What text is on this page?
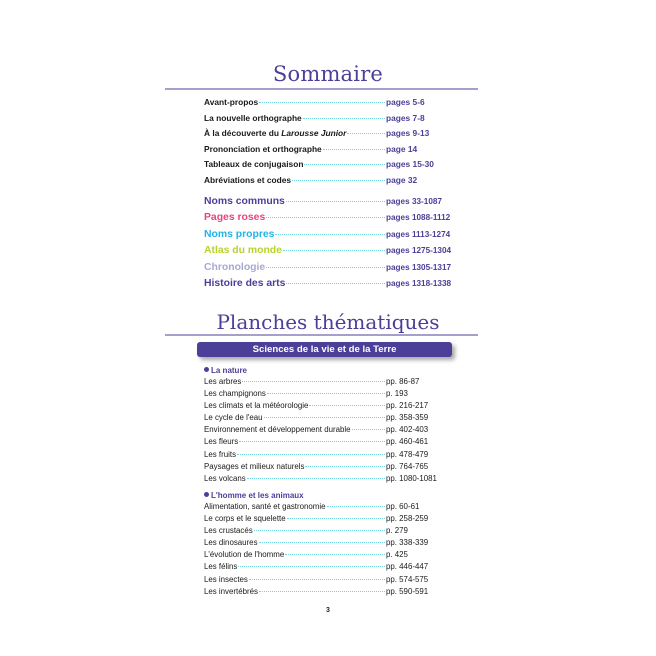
Sommaire
Avant-propos	pages 5-6
La nouvelle orthographe	pages 7-8
À la découverte du Larousse Junior	pages 9-13
Prononciation et orthographe	page 14
Tableaux de conjugaison	pages 15-30
Abréviations et codes	page 32
Noms communs	pages 33-1087
Pages roses	pages 1088-1112
Noms propres	pages 1113-1274
Atlas du monde	pages 1275-1304
Chronologie	pages 1305-1317
Histoire des arts	pages 1318-1338
Planches thématiques
Sciences de la vie et de la Terre
La nature
Les arbres	pp. 86-87
Les champignons	p. 193
Les climats et la météorologie	pp. 216-217
Le cycle de l'eau	pp. 358-359
Environnement et développement durable	pp. 402-403
Les fleurs	pp. 460-461
Les fruits	pp. 478-479
Paysages et milieux naturels	pp. 764-765
Les volcans	pp. 1080-1081
L'homme et les animaux
Alimentation, santé et gastronomie	pp. 60-61
Le corps et le squelette	pp. 258-259
Les crustacés	p. 279
Les dinosaures	pp. 338-339
L'évolution de l'homme	p. 425
Les félins	pp. 446-447
Les insectes	pp. 574-575
Les invertébrés	pp. 590-591
3
